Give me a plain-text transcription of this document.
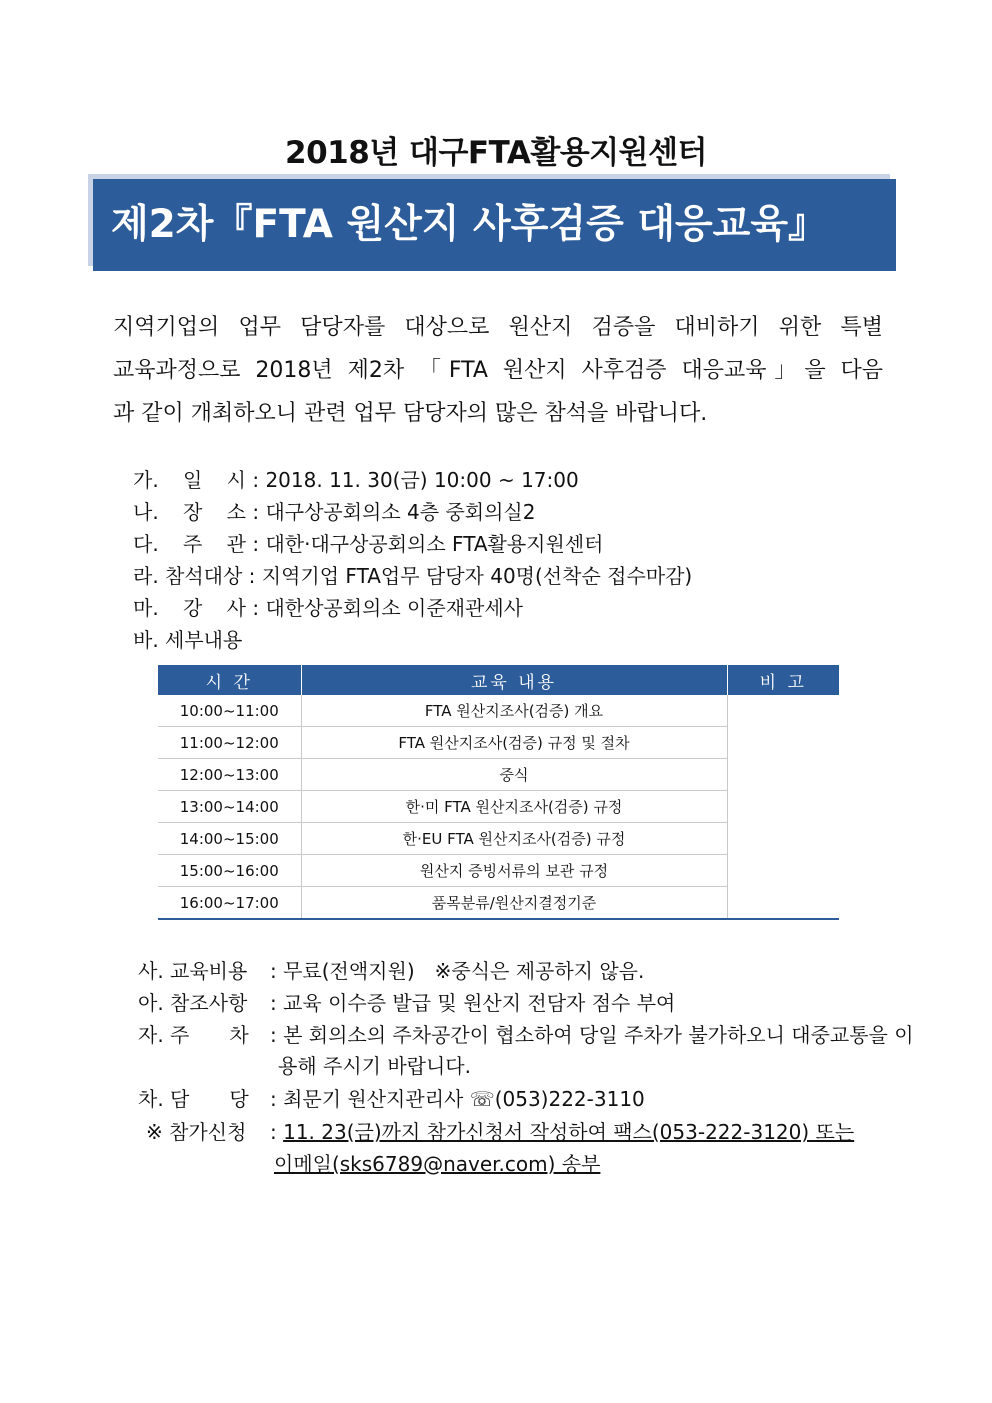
2018년 대구FTA활용지원센터
제2차『FTA 원산지 사후검증 대응교육』
지역기업의 업무 담당자를 대상으로 원산지 검증을 대비하기 위한 특별
교육과정으로 2018년 제2차 「FTA 원산지 사후검증 대응교육」을 다음
과 같이 개최하오니 관련 업무 담당자의 많은 참석을 바랍니다.
가. 일 시 : 2018. 11. 30(금) 10:00 ~ 17:00
나. 장 소 : 대구상공회의소 4층 중회의실2
다. 주 관 : 대한·대구상공회의소 FTA활용지원센터
라. 참석대상 : 지역기업 FTA업무 담당자 40명(선착순 접수마감)
마. 강 사 : 대한상공회의소 이준재관세사
바. 세부내용
시 간	교육 내용	비 고
10:00~11:00	FTA 원산지조사(검증) 개요	
11:00~12:00	FTA 원산지조사(검증) 규정 및 절차	
12:00~13:00	중식	
13:00~14:00	한·미 FTA 원산지조사(검증) 규정	
14:00~15:00	한·EU FTA 원산지조사(검증) 규정	
15:00~16:00	원산지 증빙서류의 보관 규정	
16:00~17:00	품목분류/원산지결정기준	
사. 교육비용 : 무료(전액지원)　※중식은 제공하지 않음.
아. 참조사항 : 교육 이수증 발급 및 원산지 전담자 점수 부여
자. 주　　차 : 본 회의소의 주차공간이 협소하여 당일 주차가 불가하오니 대중교통을 이
용해 주시기 바랍니다.
차. 담　　당 : 최문기 원산지관리사 ☏(053)222-3110
※ 참가신청 : 11. 23(금)까지 참가신청서 작성하여 팩스(053-222-3120) 또는
이메일(sks6789@naver.com) 송부
